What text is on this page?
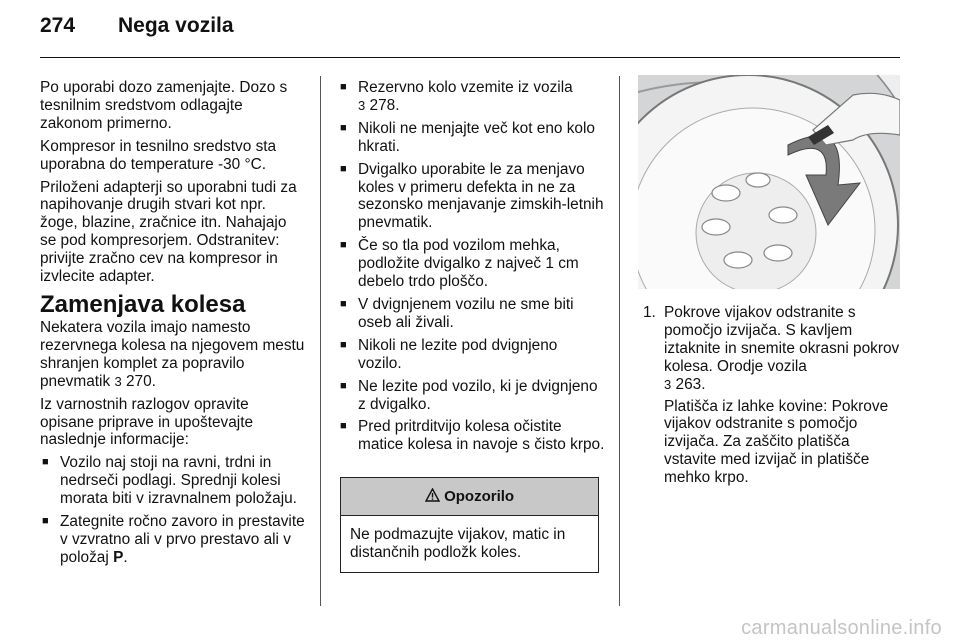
274	Nega vozila

Po uporabi dozo zamenjajte. Dozo s tesnilnim sredstvom odlagajte zakonom primerno.

Kompresor in tesnilno sredstvo sta uporabna do temperature -30 °C.

Priloženi adapterji so uporabni tudi za napihovanje drugih stvari kot npr. žoge, blazine, zračnice itn. Nahajajo se pod kompresorjem. Odstranitev: privijte zračno cev na kompresor in izvlecite adapter.

Zamenjava kolesa

Nekatera vozila imajo namesto rezervnega kolesa na njegovem mestu shranjen komplet za popravilo pnevmatik 3 270.

Iz varnostnih razlogov opravite opisane priprave in upoštevajte naslednje informacije:

■ Vozilo naj stoji na ravni, trdni in nedrseči podlagi. Sprednji kolesi morata biti v izravnalnem položaju.
■ Zategnite ročno zavoro in prestavite v vzvratno ali v prvo prestavo ali v položaj P.
■ Rezervno kolo vzemite iz vozila
3 278.
■ Nikoli ne menjajte več kot eno kolo hkrati.
■ Dvigalko uporabite le za menjavo koles v primeru defekta in ne za sezonsko menjavanje zimskih-letnih pnevmatik.
■ Če so tla pod vozilom mehka, podložite dvigalko z največ 1 cm debelo trdo ploščo.
■ V dvignjenem vozilu ne sme biti oseb ali živali.
■ Nikoli ne lezite pod dvignjeno vozilo.
■ Ne lezite pod vozilo, ki je dvignjeno z dvigalko.
■ Pred pritrditvijo kolesa očistite matice kolesa in navoje s čisto krpo.
Opozorilo
Ne podmazujte vijakov, matic in distančnih podložk koles.
1. Pokrove vijakov odstranite s pomočjo izvijača. S kavljem iztaknite in snemite okrasni pokrov kolesa. Orodje vozila
3 263.

Platišča iz lahke kovine: Pokrove vijakov odstranite s pomočjo izvijača. Za zaščito platišča vstavite med izvijač in platišče mehko krpo.

carmanualsonline.info
